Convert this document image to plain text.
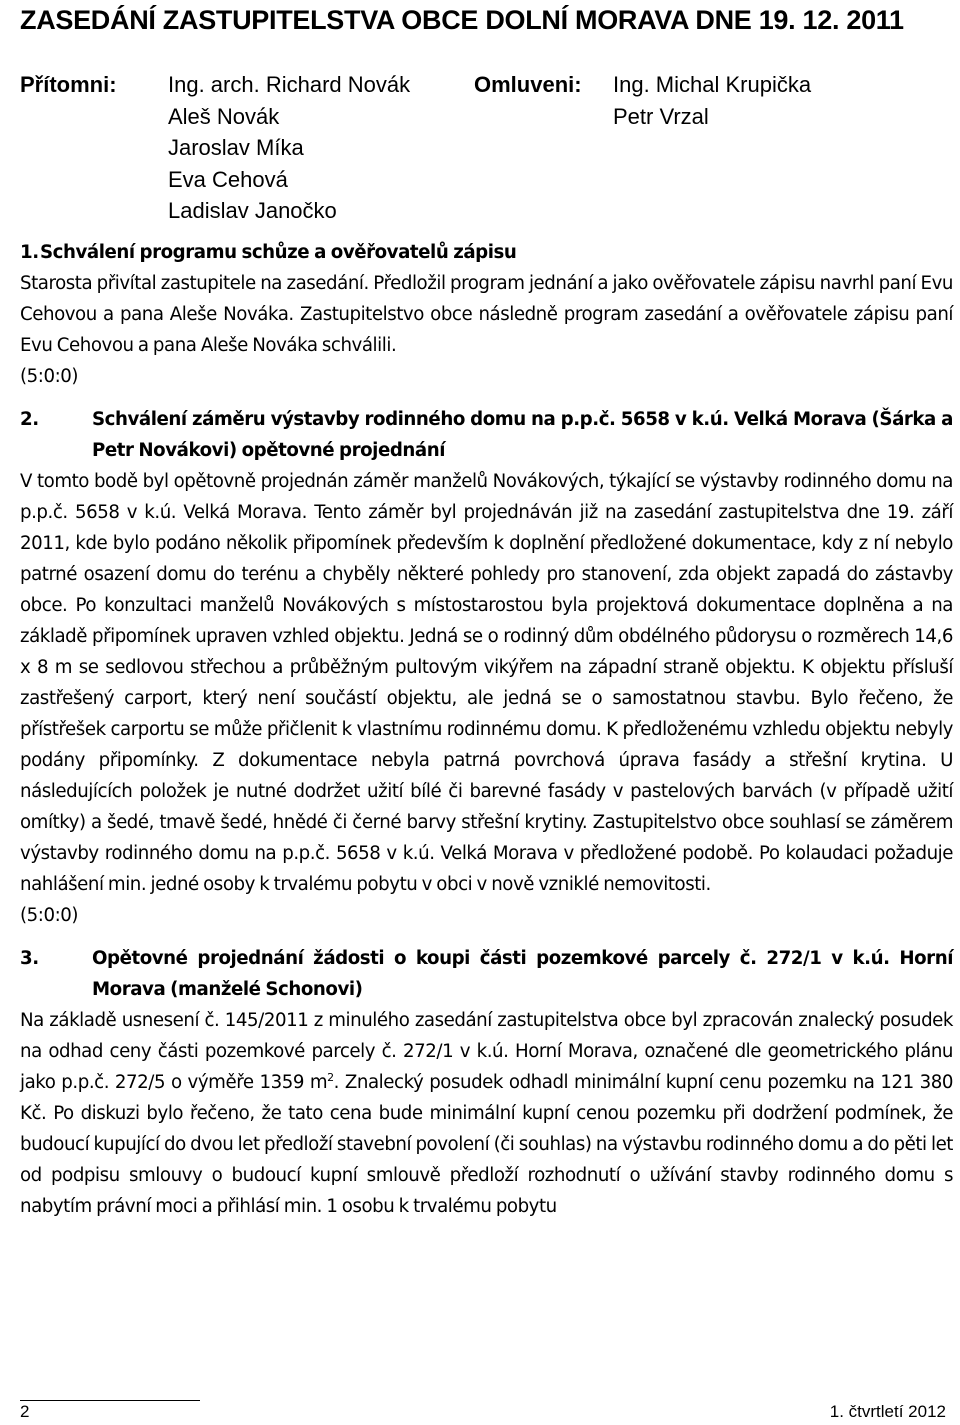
ZASEDÁNÍ ZASTUPITELSTVA OBCE DOLNÍ MORAVA DNE 19. 12. 2011
Přítomni: Ing. arch. Richard Novák
Aleš Novák
Jaroslav Míka
Eva Cehová
Ladislav Janočko
Omluveni: Ing. Michal Krupička
Petr Vrzal
1.Schválení programu schůze a ověřovatelů zápisu
Starosta přivítal zastupitele na zasedání. Předložil program jednání a jako ověřovatele zápisu navrhl paní Evu Cehovou a pana Aleše Nováka. Zastupitelstvo obce následně program zasedání a ověřovatele zápisu paní Evu Cehovou a pana Aleše Nováka schválili.
(5:0:0)
2.	Schválení záměru výstavby rodinného domu na p.p.č. 5658 v k.ú. Velká Morava (Šárka a Petr Novákovi) opětovné projednání
V tomto bodě byl opětovně projednán záměr manželů Novákových, týkající se výstavby rodinného domu na p.p.č. 5658 v k.ú. Velká Morava. Tento záměr byl projednáván již na zasedání zastupitelstva dne 19. září 2011, kde bylo podáno několik připomínek především k doplnění předložené dokumentace, kdy z ní nebylo patrné osazení domu do terénu a chyběly některé pohledy pro stanovení, zda objekt zapadá do zástavby obce. Po konzultaci manželů Novákových s místostarostou byla projektová dokumentace doplněna a na základě připomínek upraven vzhled objektu. Jedná se o rodinný dům obdélného půdorysu o rozměrech 14,6 x 8 m se sedlovou střechou a průběžným pultovým vikýřem na západní straně objektu. K objektu přísluší zastřešený carport, který není součástí objektu, ale jedná se o samostatnou stavbu. Bylo řečeno, že přístřešek carportu se může přičlenit k vlastnímu rodinnému domu. K předloženému vzhledu objektu nebyly podány připomínky. Z dokumentace nebyla patrná povrchová úprava fasády a střešní krytina. U následujících položek je nutné dodržet užití bílé či barevné fasády v pastelových barvách (v případě užití omítky) a šedé, tmavě šedé, hnědé či černé barvy střešní krytiny. Zastupitelstvo obce souhlasí se záměrem výstavby rodinného domu na p.p.č. 5658 v k.ú. Velká Morava v předložené podobě. Po kolaudaci požaduje nahlášení min. jedné osoby k trvalému pobytu v obci v nově vzniklé nemovitosti.
(5:0:0)
3.	Opětovné projednání žádosti o koupi části pozemkové parcely č. 272/1 v k.ú. Horní Morava (manželé Schonovi)
Na základě usnesení č. 145/2011 z minulého zasedání zastupitelstva obce byl zpracován znalecký posudek na odhad ceny části pozemkové parcely č. 272/1 v k.ú. Horní Morava, označené dle geometrického plánu jako p.p.č. 272/5 o výměře 1359 $m^2$. Znalecký posudek odhadl minimální kupní cenu pozemku na 121 380 Kč. Po diskuzi bylo řečeno, že tato cena bude minimální kupní cenou pozemku při dodržení podmínek, že budoucí kupující do dvou let předloží stavební povolení (či souhlas) na výstavbu rodinného domu a do pěti let od podpisu smlouvy o budoucí kupní smlouvě předloží rozhodnutí o užívání stavby rodinného domu s nabytím právní moci a přihlásí min. 1 osobu k trvalému pobytu
2	1. čtvrtletí 2012
